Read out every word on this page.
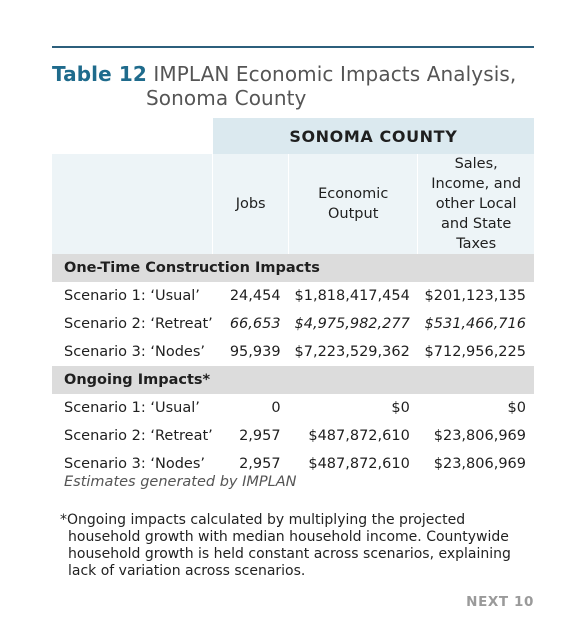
Table 12 IMPLAN Economic Impacts Analysis,
Sonoma County
	SONOMA COUNTY		
	Jobs	Economic Output	Sales, Income, and other Local and State Taxes
One-Time Construction Impacts			
Scenario 1: ‘Usual’	24,454	$1,818,417,454	$201,123,135
Scenario 2: ‘Retreat’	66,653	$4,975,982,277	$531,466,716
Scenario 3: ‘Nodes’	95,939	$7,223,529,362	$712,956,225
Ongoing Impacts*			
Scenario 1: ‘Usual’	0	$0	$0
Scenario 2: ‘Retreat’	2,957	$487,872,610	$23,806,969
Scenario 3: ‘Nodes’	2,957	$487,872,610	$23,806,969
Estimates generated by IMPLAN
*Ongoing impacts calculated by multiplying the projected household growth with median household income. Countywide household growth is held constant across scenarios, explaining lack of variation across scenarios.
NEXT 10
